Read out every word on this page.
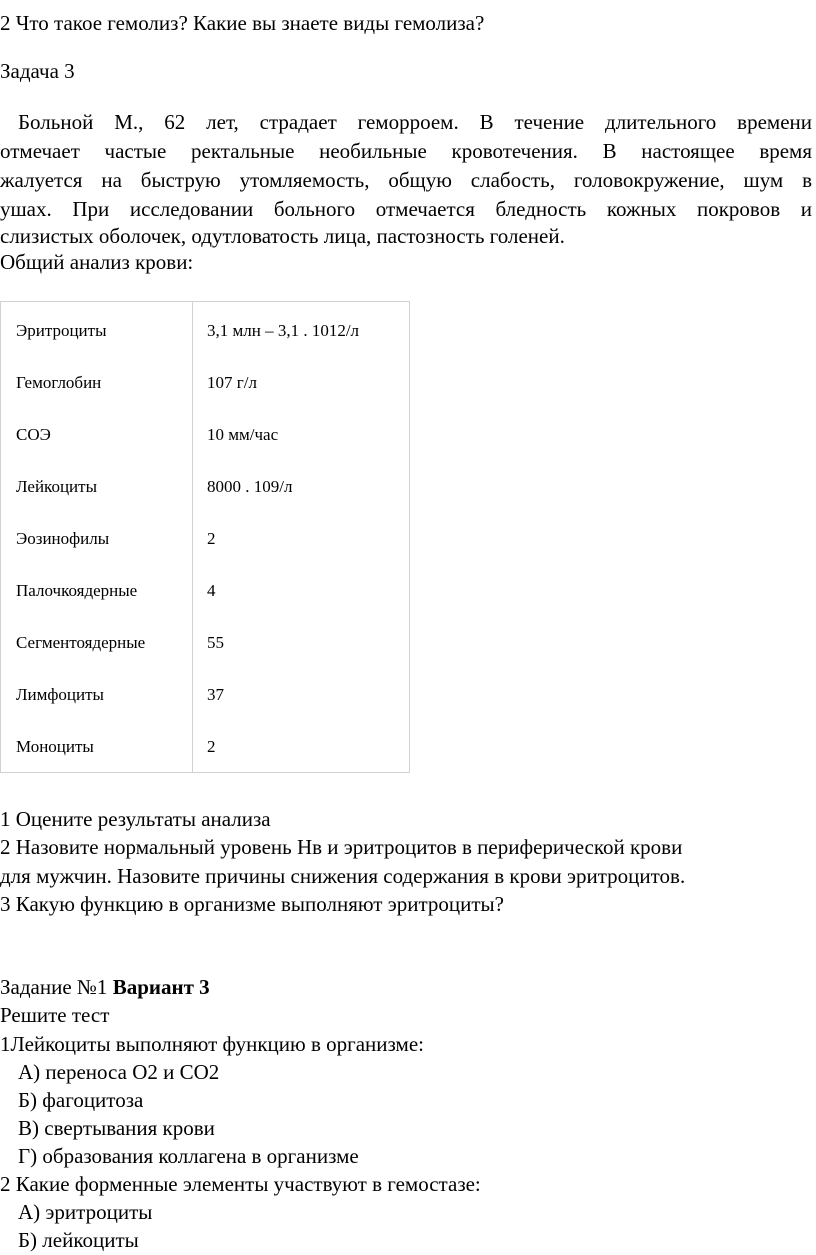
2 Что такое гемолиз? Какие вы знаете виды гемолиза?
Задача 3
Больной М., 62 лет, страдает геморроем. В течение длительного времени
отмечает частые ректальные необильные кровотечения. В настоящее время
жалуется на быструю утомляемость, общую слабость, головокружение, шум в
ушах. При исследовании больного отмечается бледность кожных покровов и
слизистых оболочек, одутловатость лица, пастозность голеней.
Общий анализ крови:
Эритроциты	3,1 млн – 3,1 . 1012/л
Гемоглобин	107 г/л
СОЭ	10 мм/час
Лейкоциты	8000 . 109/л
Эозинофилы	2
Палочкоядерные	4
Сегментоядерные	55
Лимфоциты	37
Моноциты	2
1 Оцените результаты анализа
2 Назовите нормальный уровень Нв и эритроцитов в периферической крови
для мужчин. Назовите причины снижения содержания в крови эритроцитов.
3 Какую функцию в организме выполняют эритроциты?
Задание №1 Вариант 3
Решите тест
1Лейкоциты выполняют функцию в организме:
А) переноса О2 и СО2
Б) фагоцитоза
В) свертывания крови
Г) образования коллагена в организме
2 Какие форменные элементы участвуют в гемостазе:
А) эритроциты
Б) лейкоциты
